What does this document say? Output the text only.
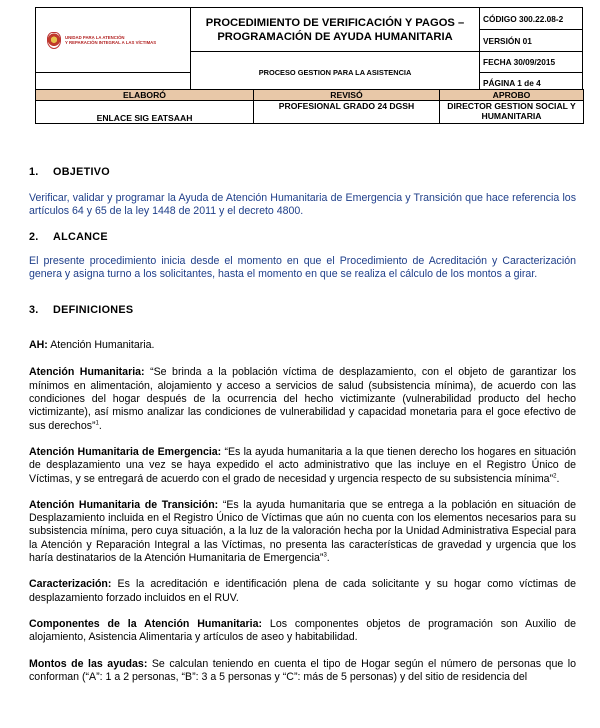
UNIDAD PARA LA ATENCIÓN
Y REPARACIÓN INTEGRAL A LAS VÍCTIMAS	PROCEDIMIENTO DE VERIFICACIÓN Y PAGOS – PROGRAMACIÓN DE AYUDA HUMANITARIA	CÓDIGO 300.22.08-2
		VERSIÓN 01
	PROCESO GESTION PARA LA ASISTENCIA	FECHA 30/09/2015
		PÁGINA 1 de 4
ELABORÓ	REVISÓ	APROBO
ENLACE SIG EATSAAH	PROFESIONAL GRADO 24 DGSH	DIRECTOR GESTION SOCIAL Y HUMANITARIA
1. OBJETIVO

Verificar, validar y programar la Ayuda de Atención Humanitaria de Emergencia y Transición que hace referencia los artículos 64 y 65 de la ley 1448 de 2011 y el decreto 4800.

2. ALCANCE

El presente procedimiento inicia desde el momento en que el Procedimiento de Acreditación y Caracterización genera y asigna turno a los solicitantes, hasta el momento en que se realiza el cálculo de los montos a girar.

3. DEFINICIONES

AH: Atención Humanitaria.

Atención Humanitaria: “Se brinda a la población víctima de desplazamiento, con el objeto de garantizar los mínimos en alimentación, alojamiento y acceso a servicios de salud (subsistencia mínima), de acuerdo con las condiciones del hogar después de la ocurrencia del hecho victimizante (vulnerabilidad producto del hecho victimizante), así mismo analizar las condiciones de vulnerabilidad y capacidad monetaria para el goce efectivo de sus derechos”$^1$.

Atención Humanitaria de Emergencia: “Es la ayuda humanitaria a la que tienen derecho los hogares en situación de desplazamiento una vez se haya expedido el acto administrativo que las incluye en el Registro Único de Víctimas, y se entregará de acuerdo con el grado de necesidad y urgencia respecto de su subsistencia mínima”$^2$.

Atención Humanitaria de Transición: “Es la ayuda humanitaria que se entrega a la población en situación de Desplazamiento incluida en el Registro Único de Víctimas que aún no cuenta con los elementos necesarios para su subsistencia mínima, pero cuya situación, a la luz de la valoración hecha por la Unidad Administrativa Especial para la Atención y Reparación Integral a las Víctimas, no presenta las características de gravedad y urgencia que los haría destinatarios de la Atención Humanitaria de Emergencia”$^3$.

Caracterización: Es la acreditación e identificación plena de cada solicitante y su hogar como víctimas de desplazamiento forzado incluidos en el RUV.

Componentes de la Atención Humanitaria: Los componentes objetos de programación son Auxilio de alojamiento, Asistencia Alimentaria y artículos de aseo y habitabilidad.

Montos de las ayudas: Se calculan teniendo en cuenta el tipo de Hogar según el número de personas que lo conforman (“A”: 1 a 2 personas, “B”: 3 a 5 personas y “C”: más de 5 personas) y del sitio de residencia del
